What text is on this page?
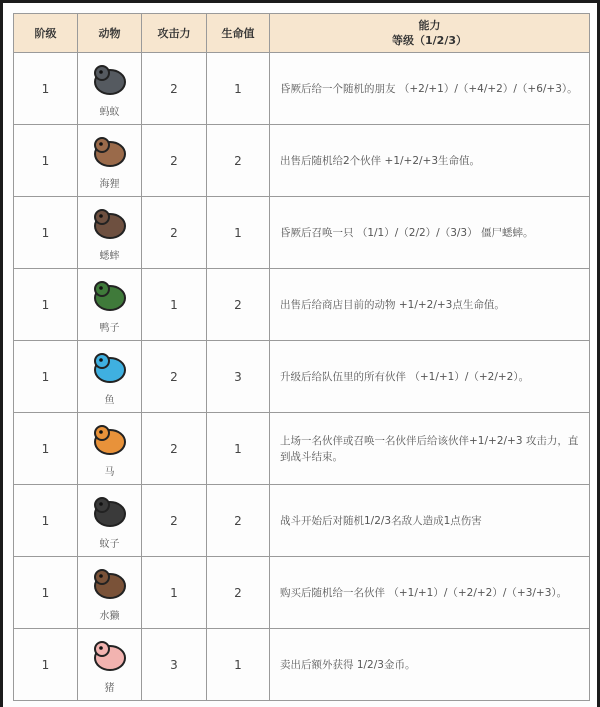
阶级	动物	攻击力	生命值	能力
等级（1/2/3）

1	蚂蚁	2	1	昏厥后给一个随机的朋友 （+2/+1）/（+4/+2）/（+6/+3）。
1	海狸	2	2	出售后随机给2个伙伴 +1/+2/+3生命值。
1	蟋蟀	2	1	昏厥后召唤一只 （1/1）/（2/2）/（3/3） 僵尸蟋蟀。
1	鸭子	1	2	出售后给商店目前的动物 +1/+2/+3点生命值。
1	鱼	2	3	升级后给队伍里的所有伙伴 （+1/+1）/（+2/+2）。
1	马	2	1	上场一名伙伴或召唤一名伙伴后给该伙伴+1/+2/+3 攻击力，直到战斗结束。
1	蚊子	2	2	战斗开始后对随机1/2/3名敌人造成1点伤害
1	水獭	1	2	购买后随机给一名伙伴 （+1/+1）/（+2/+2）/（+3/+3）。
1	猪	3	1	卖出后额外获得 1/2/3金币。
